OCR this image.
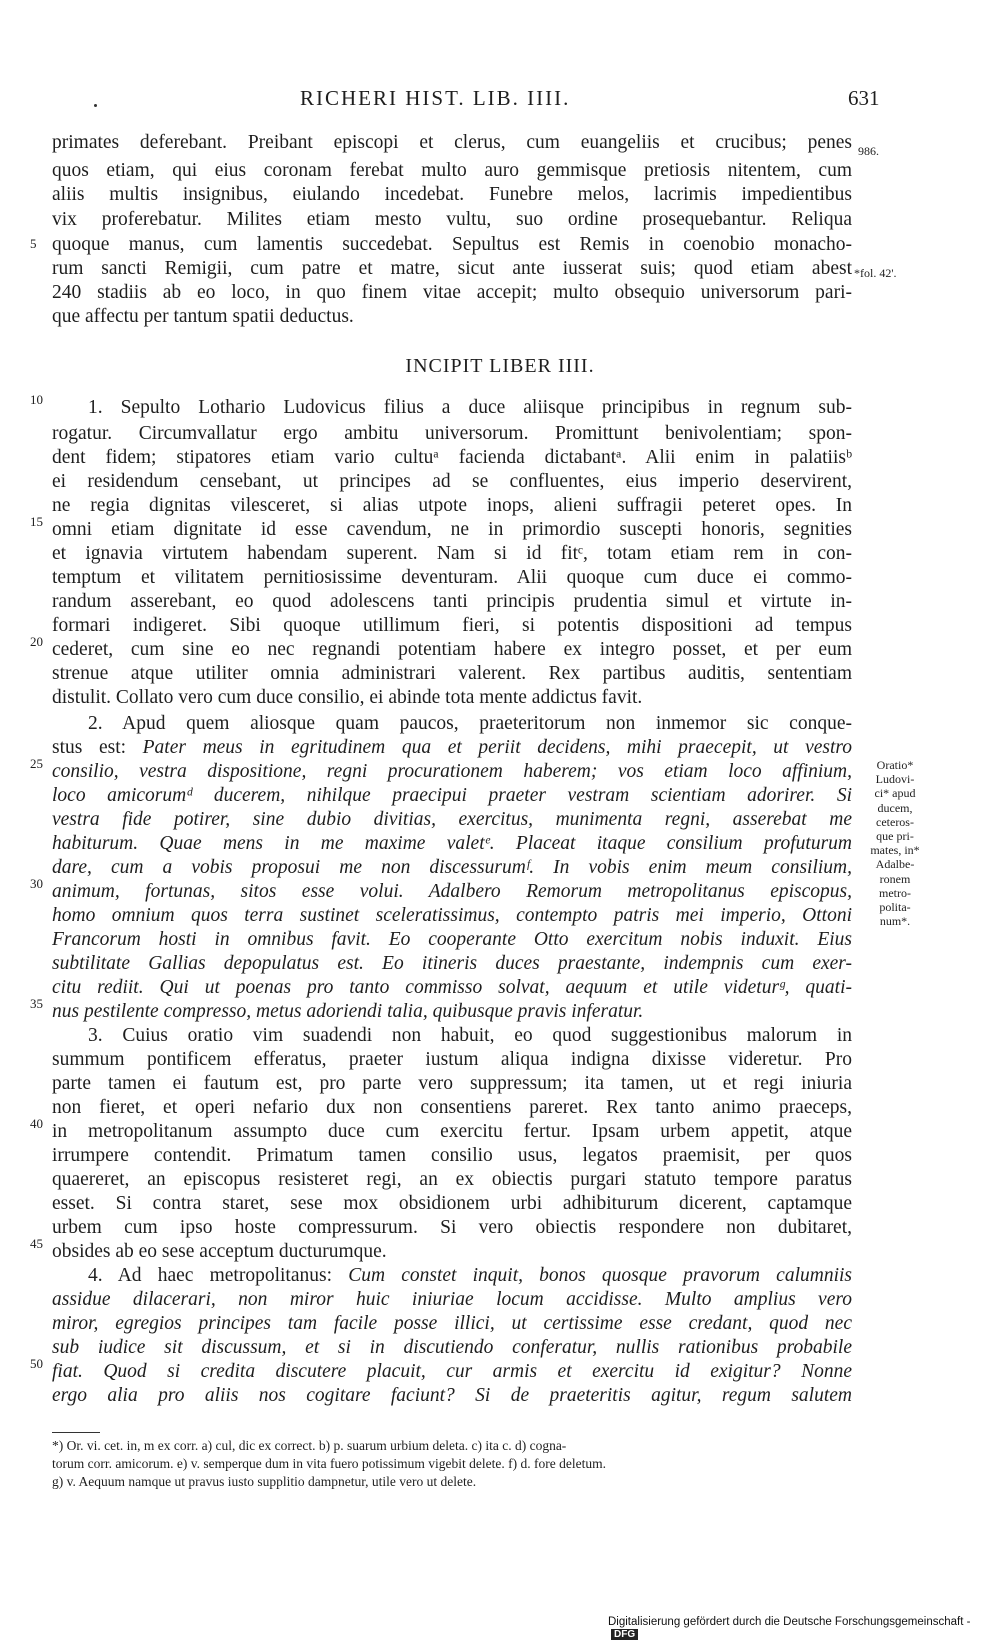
RICHERI HIST. LIB. IIII.	631
primates deferebant. Preibant episcopi et clerus, cum euangeliis et crucibus; penes
quos etiam, qui eius coronam ferebat multo auro gemmisque pretiosis nitentem, cum
aliis multis insignibus, eiulando incedebat. Funebre melos, lacrimis impedientibus
vix proferebatur. Milites etiam mesto vultu, suo ordine prosequebantur. Reliqua
quoque manus, cum lamentis succedebat. Sepultus est Remis in coenobio monacho-
rum sancti Remigii, cum patre et matre, sicut ante iusserat suis; quod etiam abest
240 stadiis ab eo loco, in quo finem vitae accepit; multo obsequio universorum pari-
que affectu per tantum spatii deductus.
986.
*fol. 42'.
INCIPIT LIBER IIII.
1. Sepulto Lothario Ludovicus filius a duce aliisque principibus in regnum sub-
rogatur. Circumvallatur ergo ambitu universorum. Promittunt benivolentiam; spon-
dent fidem; stipatores etiam vario cultuᵃ facienda dictabantᵃ. Alii enim in palatiisᵇ
ei residendum censebant, ut principes ad se confluentes, eius imperio deservirent,
ne regia dignitas vilesceret, si alias utpote inops, alieni suffragii peteret opes. In
omni etiam dignitate id esse cavendum, ne in primordio suscepti honoris, segnities
et ignavia virtutem habendam superent. Nam si id fitᶜ, totam etiam rem in con-
temptum et vilitatem pernitiosissime deventuram. Alii quoque cum duce ei commo-
randum asserebant, eo quod adolescens tanti principis prudentia simul et virtute in-
formari indigeret. Sibi quoque utillimum fieri, si potentis dispositioni ad tempus
cederet, cum sine eo nec regnandi potentiam habere ex integro posset, et per eum
strenue atque utiliter omnia administrari valerent. Rex partibus auditis, sententiam
distulit. Collato vero cum duce consilio, ei abinde tota mente addictus favit.
2. Apud quem aliosque quam paucos, praeteritorum non inmemor sic conque-
stus est: Pater meus in egritudinem qua et periit decidens, mihi praecepit, ut vestro
consilio, vestra dispositione, regni procurationem haberem; vos etiam loco affinium,
loco amicorumᵈ ducerem, nihilque praecipui praeter vestram scientiam adorirer. Si
vestra fide potirer, sine dubio divitias, exercitus, munimenta regni, asserebat me
habiturum. Quae mens in me maxime valetᵉ. Placeat itaque consilium profuturum
dare, cum a vobis proposui me non discessurumᶠ. In vobis enim meum consilium,
animum, fortunas, sitos esse volui. Adalbero Remorum metropolitanus episcopus,
homo omnium quos terra sustinet sceleratissimus, contempto patris mei imperio, Ottoni
Francorum hosti in omnibus favit. Eo cooperante Otto exercitum nobis induxit. Eius
subtilitate Gallias depopulatus est. Eo itineris duces praestante, indempnis cum exer-
citu rediit. Qui ut poenas pro tanto commisso solvat, aequum et utile videturᵍ, quati-
nus pestilente compresso, metus adoriendi talia, quibusque pravis inferatur.
Oratio*
Ludovi-
ci* apud
ducem,
ceteros-
que pri-
mates, in*
Adalbe-
ronem
metro-
polita-
num*.
3. Cuius oratio vim suadendi non habuit, eo quod suggestionibus malorum in
summum pontificem efferatus, praeter iustum aliqua indigna dixisse videretur. Pro
parte tamen ei fautum est, pro parte vero suppressum; ita tamen, ut et regi iniuria
non fieret, et operi nefario dux non consentiens pareret. Rex tanto animo praeceps,
in metropolitanum assumpto duce cum exercitu fertur. Ipsam urbem appetit, atque
irrumpere contendit. Primatum tamen consilio usus, legatos praemisit, per quos
quaereret, an episcopus resisteret regi, an ex obiectis purgari statuto tempore paratus
esset. Si contra staret, sese mox obsidionem urbi adhibiturum dicerent, captamque
urbem cum ipso hoste compressurum. Si vero obiectis respondere non dubitaret,
obsides ab eo sese acceptum ducturumque.
4. Ad haec metropolitanus: Cum constet inquit, bonos quosque pravorum calumniis
assidue dilacerari, non miror huic iniuriae locum accidisse. Multo amplius vero
miror, egregios principes tam facile posse illici, ut certissime esse credant, quod nec
sub iudice sit discussum, et si in discutiendo conferatur, nullis rationibus probabile
fiat. Quod si credita discutere placuit, cur armis et exercitu id exigitur? Nonne
ergo alia pro aliis nos cogitare faciunt? Si de praeteritis agitur, regum salutem
5
10
15
20
25
30
35
40
45
50
*) Or. vi. cet. in, m ex corr. a) cul, dic ex correct. b) p. suarum urbium deleta. c) ita c. d) cogna-
torum corr. amicorum. e) v. semperque dum in vita fuero potissimum vigebit delete. f) d. fore deletum.
g) v. Aequum namque ut pravus iusto supplitio dampnetur, utile vero ut delete.
Digitalisierung gefördert durch die Deutsche Forschungsgemeinschaft -DFG
